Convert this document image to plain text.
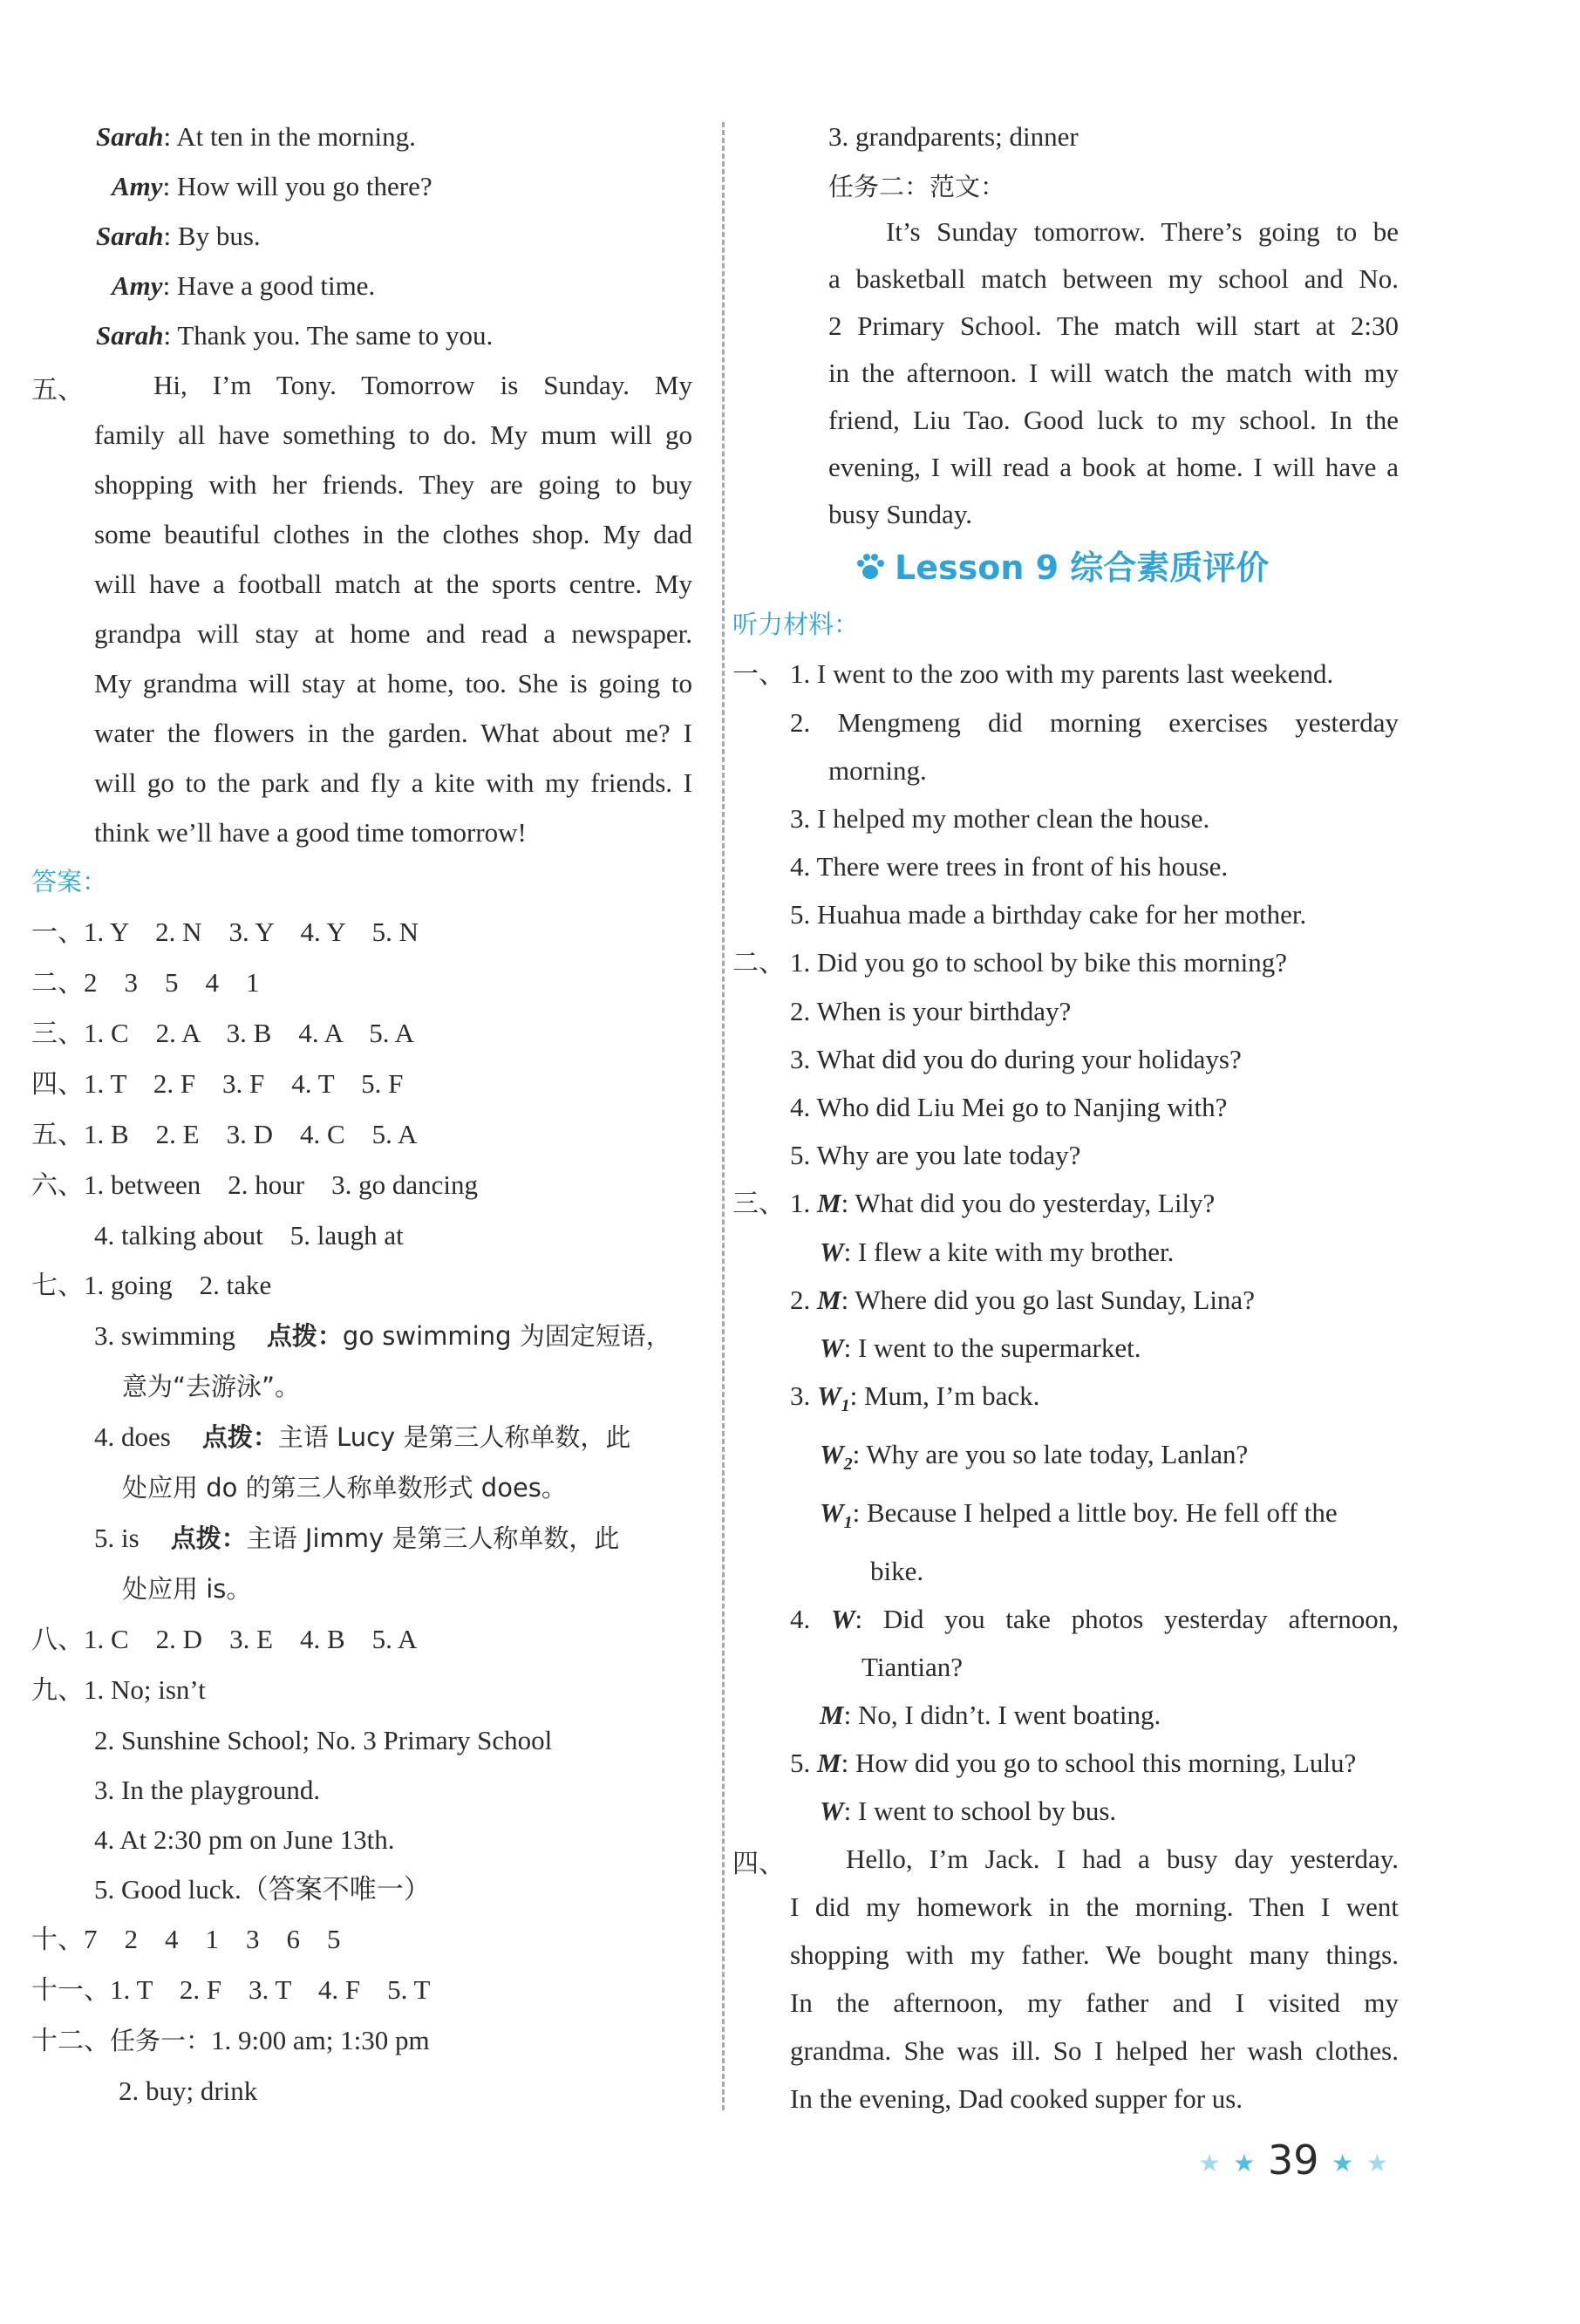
Sarah: At ten in the morning.
Amy: How will you go there?
Sarah: By bus.
Amy: Have a good time.
Sarah: Thank you. The same to you.
五、	Hi, I’m Tony. Tomorrow is Sunday. My
family all have something to do. My mum will go
shopping with her friends. They are going to buy
some beautiful clothes in the clothes shop. My dad
will have a football match at the sports centre. My
grandpa will stay at home and read a newspaper.
My grandma will stay at home, too. She is going to
water the flowers in the garden. What about me? I
will go to the park and fly a kite with my friends. I
think we’ll have a good time tomorrow!
答案：
一、1. Y　2. N　3. Y　4. Y　5. N
二、2　3　5　4　1
三、1. C　2. A　3. B　4. A　5. A
四、1. T　2. F　3. F　4. T　5. F
五、1. B　2. E　3. D　4. C　5. A
六、1. between　2. hour　3. go dancing
4. talking about　5. laugh at
七、1. going　2. take
3. swimming 点拨：go swimming 为固定短语，
意为“去游泳”。
4. does 点拨：主语 Lucy 是第三人称单数，此
处应用 do 的第三人称单数形式 does。
5. is 点拨：主语 Jimmy 是第三人称单数，此
处应用 is。
八、1. C　2. D　3. E　4. B　5. A
九、1. No; isn’t
2. Sunshine School; No. 3 Primary School
3. In the playground.
4. At 2:30 pm on June 13th.
5. Good luck.（答案不唯一）
十、7　2　4　1　3　6　5
十一、1. T　2. F　3. T　4. F　5. T
十二、任务一：1. 9:00 am; 1:30 pm
2. buy; drink
3. grandparents; dinner
任务二：范文：
It’s Sunday tomorrow. There’s going to be
a basketball match between my school and No.
2 Primary School. The match will start at 2:30
in the afternoon. I will watch the match with my
friend, Liu Tao. Good luck to my school. In the
evening, I will read a book at home. I will have a
busy Sunday.
Lesson 9 综合素质评价
听力材料：
一、 1. I went to the zoo with my parents last weekend.
2. Mengmeng did morning exercises yesterday
morning.
3. I helped my mother clean the house.
4. There were trees in front of his house.
5. Huahua made a birthday cake for her mother.
二、 1. Did you go to school by bike this morning?
2. When is your birthday?
3. What did you do during your holidays?
4. Who did Liu Mei go to Nanjing with?
5. Why are you late today?
三、 1. M: What did you do yesterday, Lily?
W: I flew a kite with my brother.
2. M: Where did you go last Sunday, Lina?
W: I went to the supermarket.
3. $W_1$: Mum, I’m back.
$W_2$: Why are you so late today, Lanlan?
$W_1$: Because I helped a little boy. He fell off the
bike.
4. W: Did you take photos yesterday afternoon,
Tiantian?
M: No, I didn’t. I went boating.
5. M: How did you go to school this morning, Lulu?
W: I went to school by bus.
四、 Hello, I’m Jack. I had a busy day yesterday.
I did my homework in the morning. Then I went
shopping with my father. We bought many things.
In the afternoon, my father and I visited my
grandma. She was ill. So I helped her wash clothes.
In the evening, Dad cooked supper for us.
★ ★ 39 ★ ★
